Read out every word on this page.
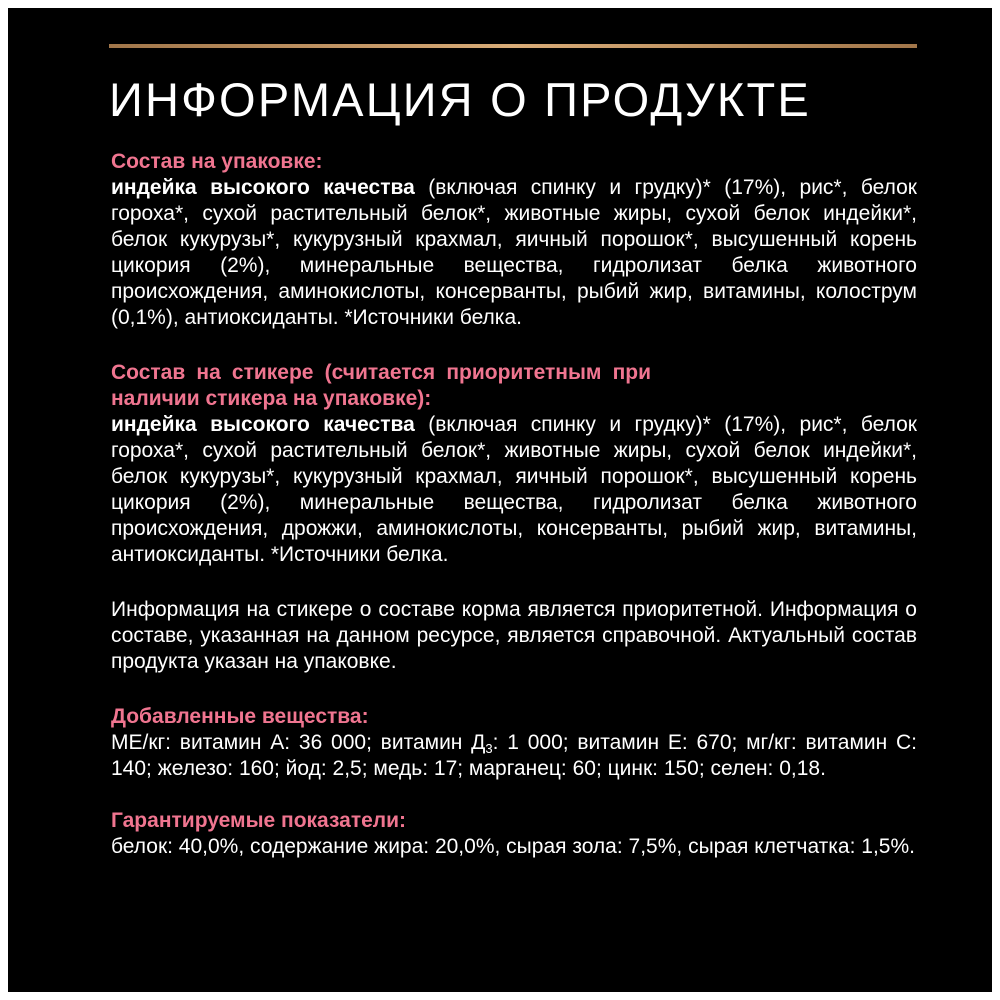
ИНФОРМАЦИЯ О ПРОДУКТЕ

Состав на упаковке:
индейка высокого качества (включая спинку и грудку)* (17%), рис*, белок гороха*, сухой растительный белок*, животные жиры, сухой белок индейки*, белок кукурузы*, кукурузный крахмал, яичный порошок*, высушенный корень цикория (2%), минеральные вещества, гидролизат белка животного происхождения, аминокислоты, консерванты, рыбий жир, витамины, колострум (0,1%), антиоксиданты. *Источники белка.

Состав на стикере (считается приоритетным при наличии стикера на упаковке):
индейка высокого качества (включая спинку и грудку)* (17%), рис*, белок гороха*, сухой растительный белок*, животные жиры, сухой белок индейки*, белок кукурузы*, кукурузный крахмал, яичный порошок*, высушенный корень цикория (2%), минеральные вещества, гидролизат белка животного происхождения, дрожжи, аминокислоты, консерванты, рыбий жир, витамины, антиоксиданты. *Источники белка.

Информация на стикере о составе корма является приоритетной. Информация о составе, указанная на данном ресурсе, является справочной. Актуальный состав продукта указан на упаковке.

Добавленные вещества:
МЕ/кг: витамин А: 36 000; витамин $Д_3$: 1 000; витамин Е: 670; мг/кг: витамин С: 140; железо: 160; йод: 2,5; медь: 17; марганец: 60; цинк: 150; селен: 0,18.

Гарантируемые показатели:
белок: 40,0%, содержание жира: 20,0%, сырая зола: 7,5%, сырая клетчатка: 1,5%.
